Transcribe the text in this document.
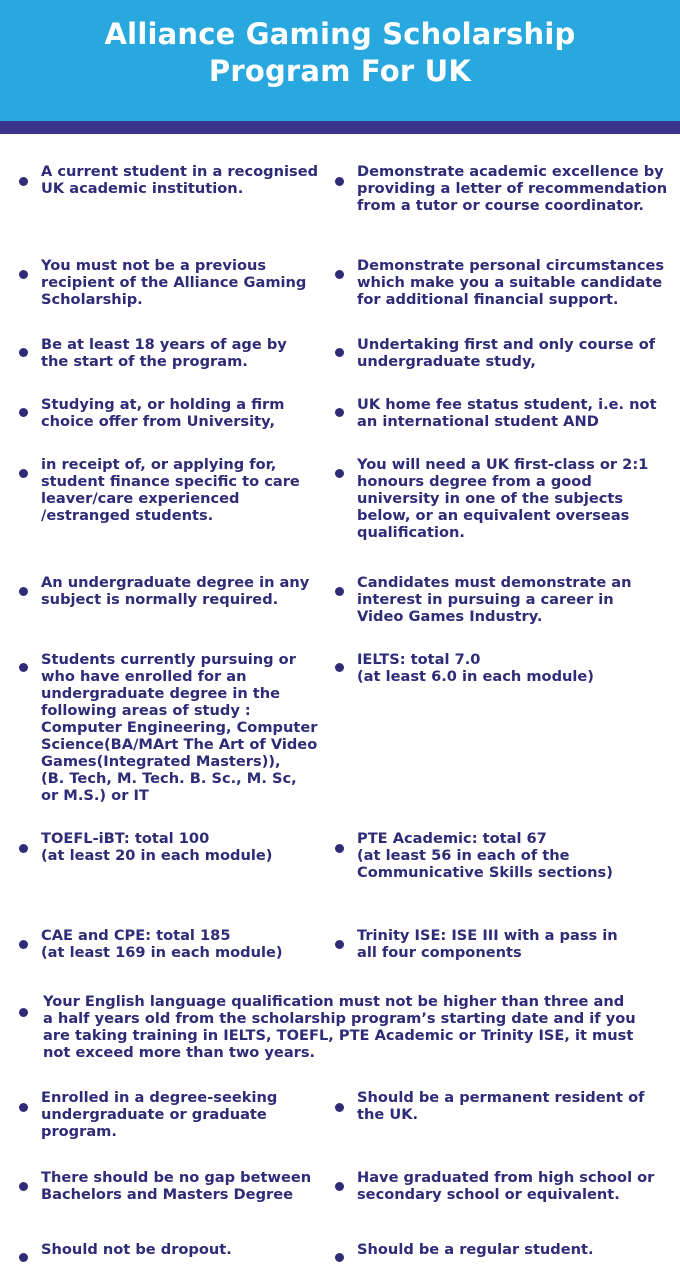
Alliance Gaming Scholarship
Program For UK
A current student in a recognised
UK academic institution.
Demonstrate academic excellence by
providing a letter of recommendation
from a tutor or course coordinator.
You must not be a previous
recipient of the Alliance Gaming
Scholarship.
Demonstrate personal circumstances
which make you a suitable candidate
for additional financial support.
Be at least 18 years of age by
the start of the program.
Undertaking first and only course of
undergraduate study,
Studying at, or holding a firm
choice offer from University,
UK home fee status student, i.e. not
an international student AND
in receipt of, or applying for,
student finance specific to care
leaver/care experienced
/estranged students.
You will need a UK first-class or 2:1
honours degree from a good
university in one of the subjects
below, or an equivalent overseas
qualification.
An undergraduate degree in any
subject is normally required.
Candidates must demonstrate an
interest in pursuing a career in
Video Games Industry.
Students currently pursuing or
who have enrolled for an
undergraduate degree in the
following areas of study :
Computer Engineering, Computer
Science(BA/MArt The Art of Video
Games(Integrated Masters)),
(B. Tech, M. Tech. B. Sc., M. Sc,
or M.S.) or IT
IELTS: total 7.0
(at least 6.0 in each module)
TOEFL-iBT: total 100
(at least 20 in each module)
PTE Academic: total 67
(at least 56 in each of the
Communicative Skills sections)
CAE and CPE: total 185
(at least 169 in each module)
Trinity ISE: ISE III with a pass in
all four components
Your English language qualification must not be higher than three and
a half years old from the scholarship program’s starting date and if you
are taking training in IELTS, TOEFL, PTE Academic or Trinity ISE, it must
not exceed more than two years.
Enrolled in a degree-seeking
undergraduate or graduate
program.
Should be a permanent resident of
the UK.
There should be no gap between
Bachelors and Masters Degree
Have graduated from high school or
secondary school or equivalent.
Should not be dropout.	Should be a regular student.
